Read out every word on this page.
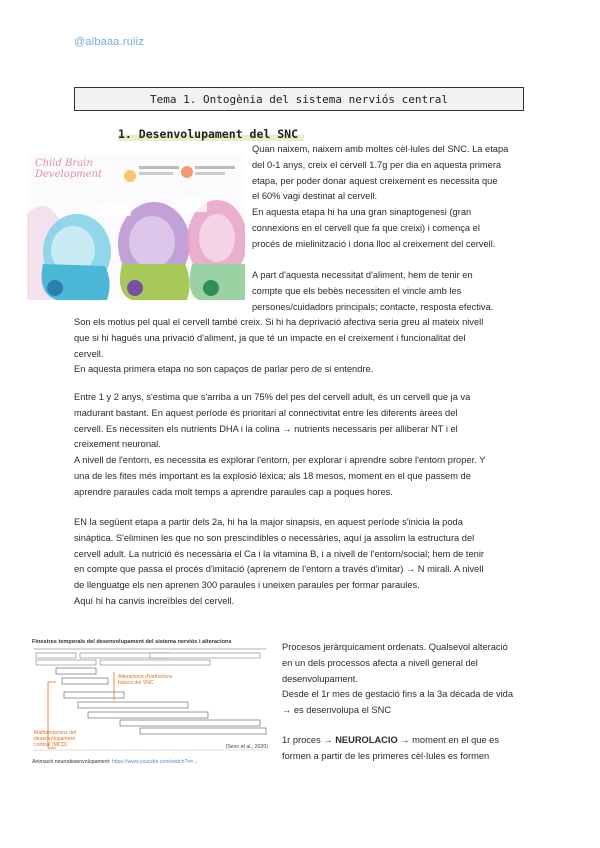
@albaaa.ruiiz
Tema 1. Ontogènia del sistema nerviós central
1. Desenvolupament del SNC
Child Brain
Development

Quan naixem, naixem amb moltes cèl·lules del SNC. La etapa
del 0-1 anys, creix el cervell 1.7g per dia en aquesta primera
etapa, per poder donar aquest creixement es necessita que
el 60% vagi destinat al cervell.
En aquesta etapa hi ha una gran sinaptogenesi (gran
connexions en el cervell que fa que creixi) i comença el
procés de mielinització i dona lloc al creixement del cervell.

A part d'aquesta necessitat d'aliment, hem de tenir en
compte que els bebès necessiten el vincle amb les
persones/cuidadors principals; contacte, resposta efectiva.

Son els motius pel qual el cervell també creix. Si hi ha deprivació afectiva seria greu al mateix nivell
que si hi hagués una privació d'aliment, ja que té un impacte en el creixement i funcionalitat del
cervell.
En aquesta primera etapa no son capaços de parlar pero de si entendre.

Entre 1 y 2 anys, s'estima que s'arriba a un 75% del pes del cervell adult, és un cervell que ja va
madurant bastant. En aquest període és prioritari al connectivitat entre les diferents àrees del
cervell. Es necessiten els nutrients DHA i la colina → nutrients necessaris per alliberar NT i el
creixement neuronal.
A nivell de l'entorn, es necessita es explorar l'entorn, per explorar i aprendre sobre l'entorn proper. Y
una de les fites més important es la explosió léxica; als 18 mesos, moment en el que passem de
aprendre paraules cada molt temps a aprendre paraules cap a poques hores.

EN la següent etapa a partir dels 2a, hi ha la major sinapsis, en aquest període s'inicia la poda
sinàptica. S'eliminen les que no son prescindibles o necessàries, aquí ja assolim la estructura del
cervell adult. La nutrició és necessària el Ca i la vitamina B, i a nivell de l'entorn/social; hem de tenir
en compte que passa el procés d'imitació (aprenem de l'entorn a través d'imitar) → N mirall. A nivell
de llenguatge els nen aprenen 300 paraules i uneixen paraules per formar paraules.
Aquí hi ha canvis increïbles del cervell.

Finestres temporals del desenvolupament del sistema nerviós i alteracions
Alteracions d'estructura
bàsica del SNC
Malformacions del
desenvolupament
cortical (MCD)	(Sevo et al., 2020)
Animació neurodesenvolupament: https://www.youtube.com/watch?v=...

Procesos jeràrquicament ordenats. Qualsevol alteració
en un dels processos afecta a nivell general del
desenvolupament.
Desde el 1r mes de gestació fins a la 3a década de vida
→ es desenvolupa el SNC

1r proces → NEUROLACIO → moment en el que es
formen a partir de les primeres cèl·lules es formen
